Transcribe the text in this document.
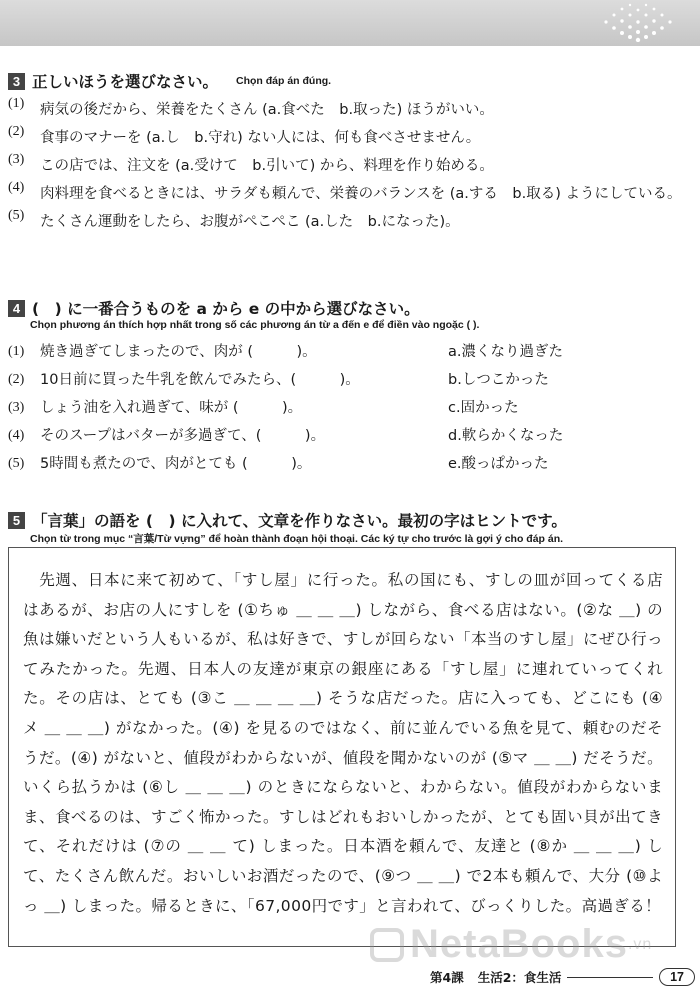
3 正しいほうを選びなさい。 Chọn đáp án đúng.
(1)	病気の後だから、栄養をたくさん (a.食べた　b.取った) ほうがいい。
(2)	食事のマナーを (a.し　b.守れ) ない人には、何も食べさせません。
(3)	この店では、注文を (a.受けて　b.引いて) から、料理を作り始める。
(4)	肉料理を食べるときには、サラダも頼んで、栄養のバランスを (a.する　b.取る) ようにしている。
(5)	たくさん運動をしたら、お腹がぺこぺこ (a.した　b.になった)。
4 (　) に一番合うものを a から e の中から選びなさい。
Chọn phương án thích hợp nhất trong số các phương án từ a đến e để điền vào ngoặc ( ).
(1)	焼き過ぎてしまったので、肉が (　　　)。	a.濃くなり過ぎた
(2)	10日前に買った牛乳を飲んでみたら、(　　　)。	b.しつこかった
(3)	しょう油を入れ過ぎて、味が (　　　)。	c.固かった
(4)	そのスープはバターが多過ぎて、(　　　)。	d.軟らかくなった
(5)	5時間も煮たので、肉がとても (　　　)。	e.酸っぱかった
5 「言葉」の語を (　) に入れて、文章を作りなさい。最初の字はヒントです。
Chọn từ trong mục “言葉/Từ vựng” để hoàn thành đoạn hội thoại. Các ký tự cho trước là gợi ý cho đáp án.
　先週、日本に来て初めて、「すし屋」に行った。私の国にも、すしの皿が回ってくる店はあるが、お店の人にすしを (①ちゅ ＿ ＿ ＿) しながら、食べる店はない。(②な ＿) の魚は嫌いだという人もいるが、私は好きで、すしが回らない「本当のすし屋」にぜひ行ってみたかった。先週、日本人の友達が東京の銀座にある「すし屋」に連れていってくれた。その店は、とても (③こ ＿ ＿ ＿ ＿) そうな店だった。店に入っても、どこにも (④メ ＿ ＿ ＿) がなかった。(④) を見るのではなく、前に並んでいる魚を見て、頼むのだそうだ。(④) がないと、値段がわからないが、値段を聞かないのが (⑤マ ＿ ＿) だそうだ。いくら払うかは (⑥し ＿ ＿ ＿) のときにならないと、わからない。値段がわからないまま、食べるのは、すごく怖かった。すしはどれもおいしかったが、とても固い貝が出てきて、それだけは (⑦の ＿ ＿ て) しまった。日本酒を頼んで、友達と (⑧か ＿ ＿ ＿) して、たくさん飲んだ。おいしいお酒だったので、(⑨つ ＿ ＿) で2本も頼んで、大分 (⑩よっ ＿) しまった。帰るときに、「67,000円です」と言われて、びっくりした。高過ぎる！
NetaBooks .vn
第4課 生活2：食生活	17
